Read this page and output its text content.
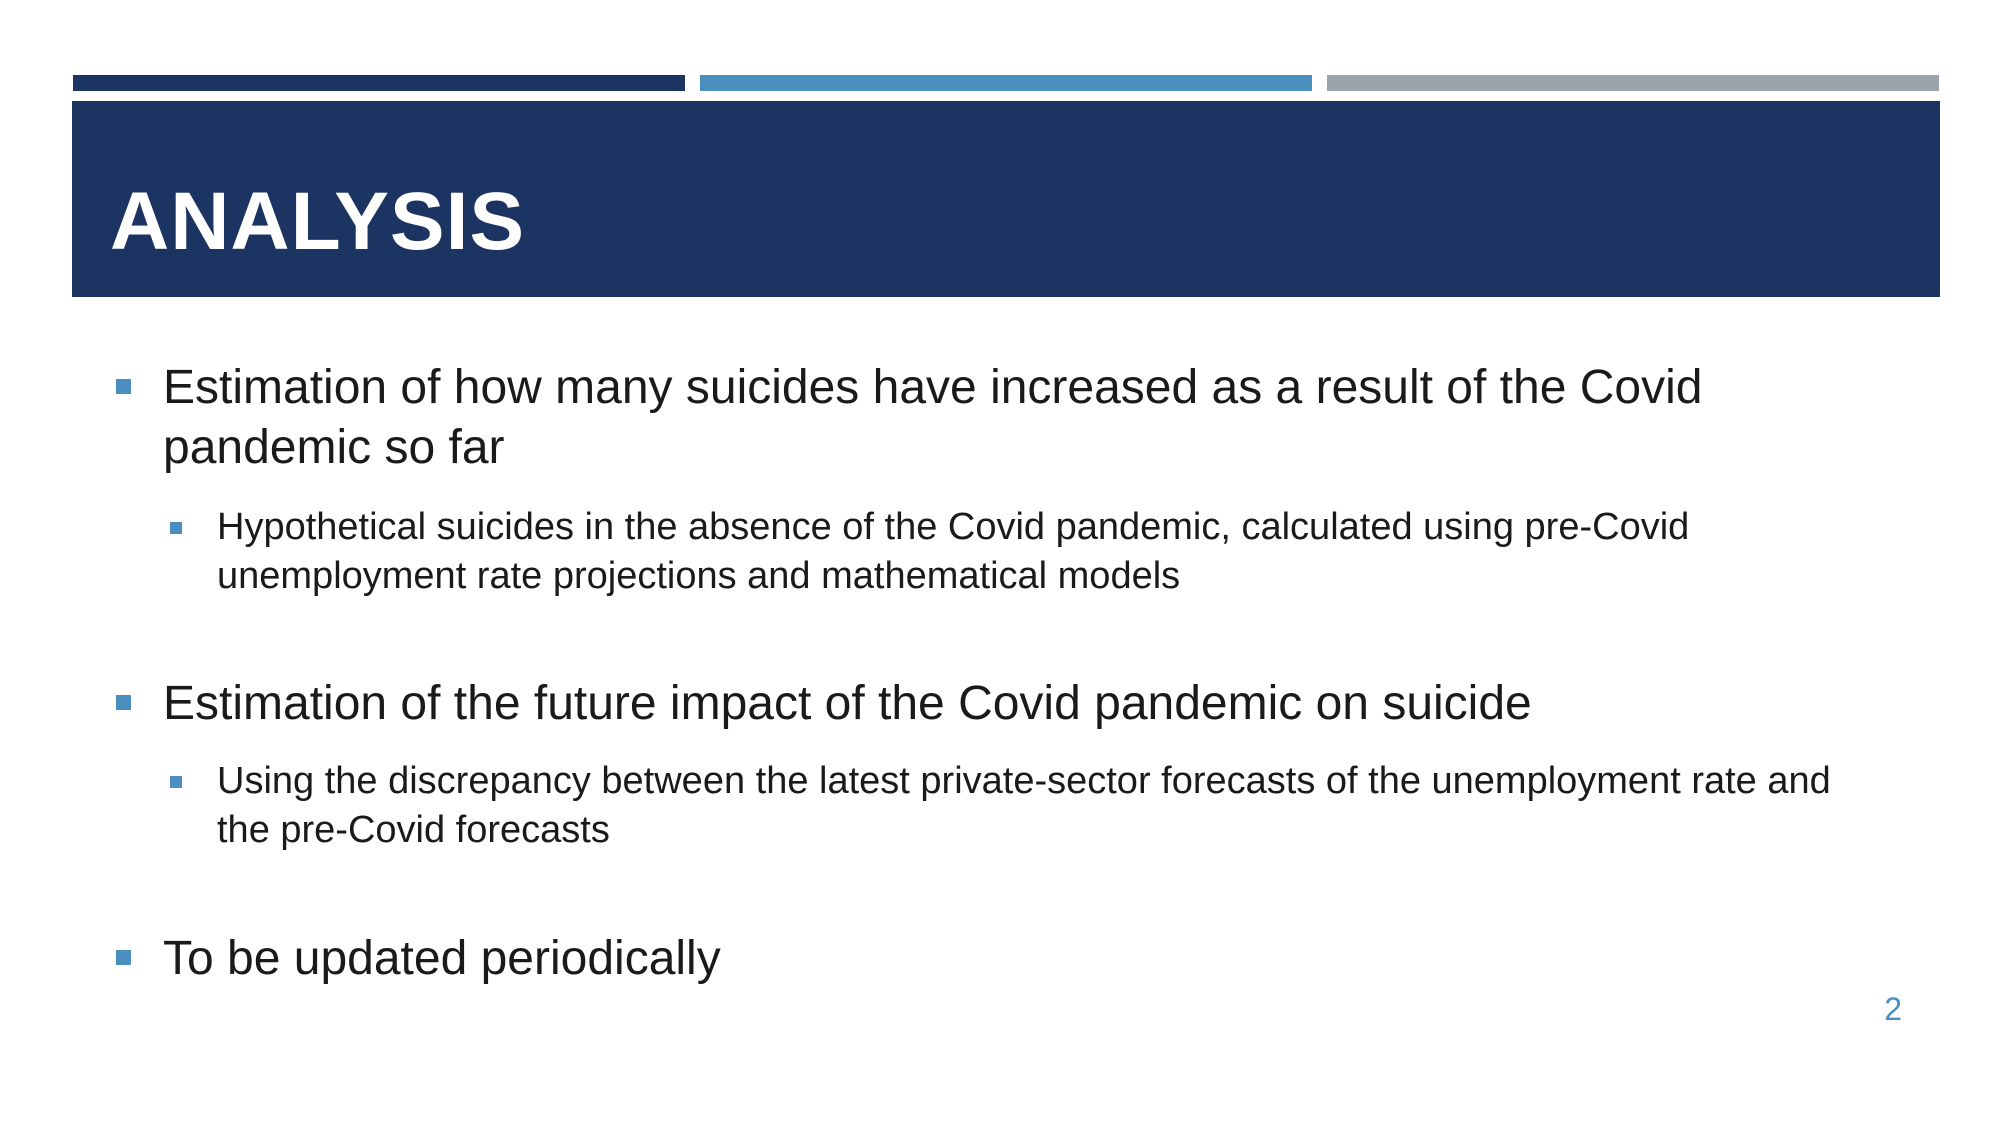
ANALYSIS
Estimation of how many suicides have increased as a result of the Covid pandemic so far
Hypothetical suicides in the absence of the Covid pandemic, calculated using pre-Covid unemployment rate projections and mathematical models
Estimation of the future impact of the Covid pandemic on suicide
Using the discrepancy between the latest private-sector forecasts of the unemployment rate and the pre-Covid forecasts
To be updated periodically
2
